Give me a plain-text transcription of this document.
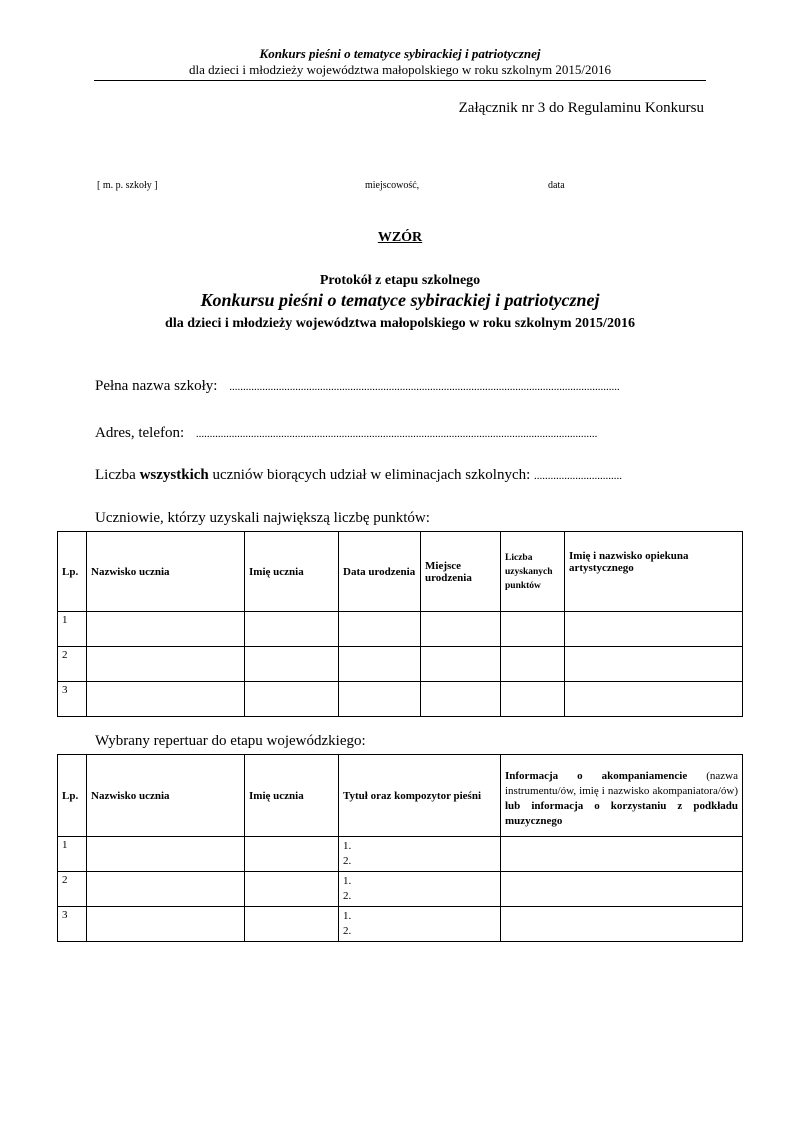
Konkurs pieśni o tematyce sybirackiej i patriotycznej
dla dzieci i młodzieży województwa małopolskiego w roku szkolnym 2015/2016
Załącznik nr 3 do Regulaminu Konkursu
[ m. p. szkoły ]	miejscowość,	data
WZÓR
Protokół z etapu szkolnego
Konkursu pieśni o tematyce sybirackiej i patriotycznej
dla dzieci i młodzieży województwa małopolskiego w roku szkolnym 2015/2016
Pełna nazwa szkoły: ..............................................................................................................................................
Adres, telefon: ..................................................................................................................................................
Liczba wszystkich uczniów biorących udział w eliminacjach szkolnych: ................................
Uczniowie, którzy uzyskali największą liczbę punktów:
Lp.	Nazwisko ucznia	Imię ucznia	Data urodzenia	Miejsce urodzenia	Liczba uzyskanych punktów	Imię i nazwisko opiekuna artystycznego
1						
2						
3						
Wybrany repertuar do etapu wojewódzkiego:
Lp.	Nazwisko ucznia	Imię ucznia	Tytuł oraz kompozytor pieśni	Informacja o akompaniamencie (nazwa instrumentu/ów, imię i nazwisko akompaniatora/ów) lub informacja o korzystaniu z podkładu muzycznego
1			1.
2.	

2			1.
2.	

3			1.
2.	
